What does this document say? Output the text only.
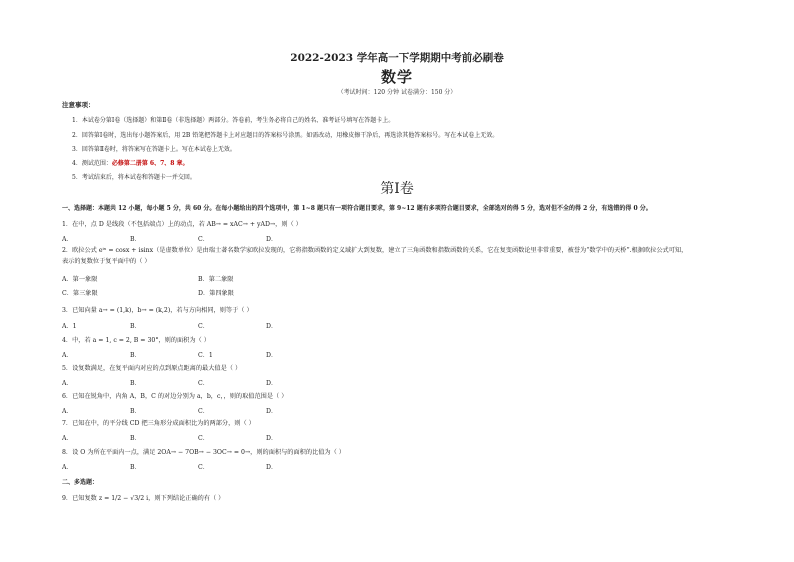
2022-2023 学年高一下学期期中考前必刷卷
数学
（考试时间：120 分钟 试卷满分：150 分）
注意事项：
1．本试卷分第Ⅰ卷（选择题）和第Ⅱ卷（非选择题）两部分。答卷前，考生务必将自己的姓名、准考证号填写在答题卡上。
2．回答第Ⅰ卷时，选出每小题答案后，用 2B 铅笔把答题卡上对应题目的答案标号涂黑。如需改动，用橡皮擦干净后，再选涂其他答案标号。写在本试卷上无效。
3．回答第Ⅱ卷时，将答案写在答题卡上。写在本试卷上无效。
4．测试范围：必修第二册第 6、7、8 章。
5．考试结束后，将本试卷和答题卡一并交回。
第Ⅰ卷
一、选择题：本题共 12 小题，每小题 5 分，共 60 分。在每小题给出的四个选项中，第 1~8 题只有一项符合题目要求，第 9~12 题有多项符合题目要求，全部选对的得 5 分，选对但不全的得 2 分，有选错的得 0 分。
1．在中，点 D 是线段（不包括端点）上的动点，若 AB→ = xAC→ + yAD→，则（ ）
A．	B．	C．	D．
2．欧拉公式 eⁱˣ = cosx + isinx（是虚数单位）是由瑞士著名数学家欧拉发现的，它将指数函数的定义域扩大到复数，建立了三角函数和指数函数的关系，它在复变函数论里非常重要，被誉为“数学中的天桥”.根据欧拉公式可知，
表示的复数位于复平面中的（ ）
A．第一象限	B．第二象限
C．第三象限	D．第四象限
3．已知向量 a→ = (1,k)，b→ = (k,2)，若与方向相同，则等于（ ）
A．1	B．	C．	D．
4．中，若 a = 1, c = 2, B = 30°，则的面积为（ ）
A．	B．	C．1	D．
5．设复数满足，在复平面内对应的点到原点距离的最大值是（ ）
A．	B．	C．	D．
6．已知在锐角中，内角 A，B，C 的对边分别为 a，b，c，，则的取值范围是（ ）
A．	B．	C．	D．
7．已知在中，的平分线 CD 把三角形分成面积比为的两部分，则（ ）
A．	B．	C．	D．
8．设 O 为所在平面内一点，满足 2OA→ − 7OB→ − 3OC→ = 0→，则的面积与的面积的比值为（ ）
A．	B．	C．	D．
二、多选题：
9．已知复数 z = 1/2 − √3/2 i，则下列结论正确的有（ ）
